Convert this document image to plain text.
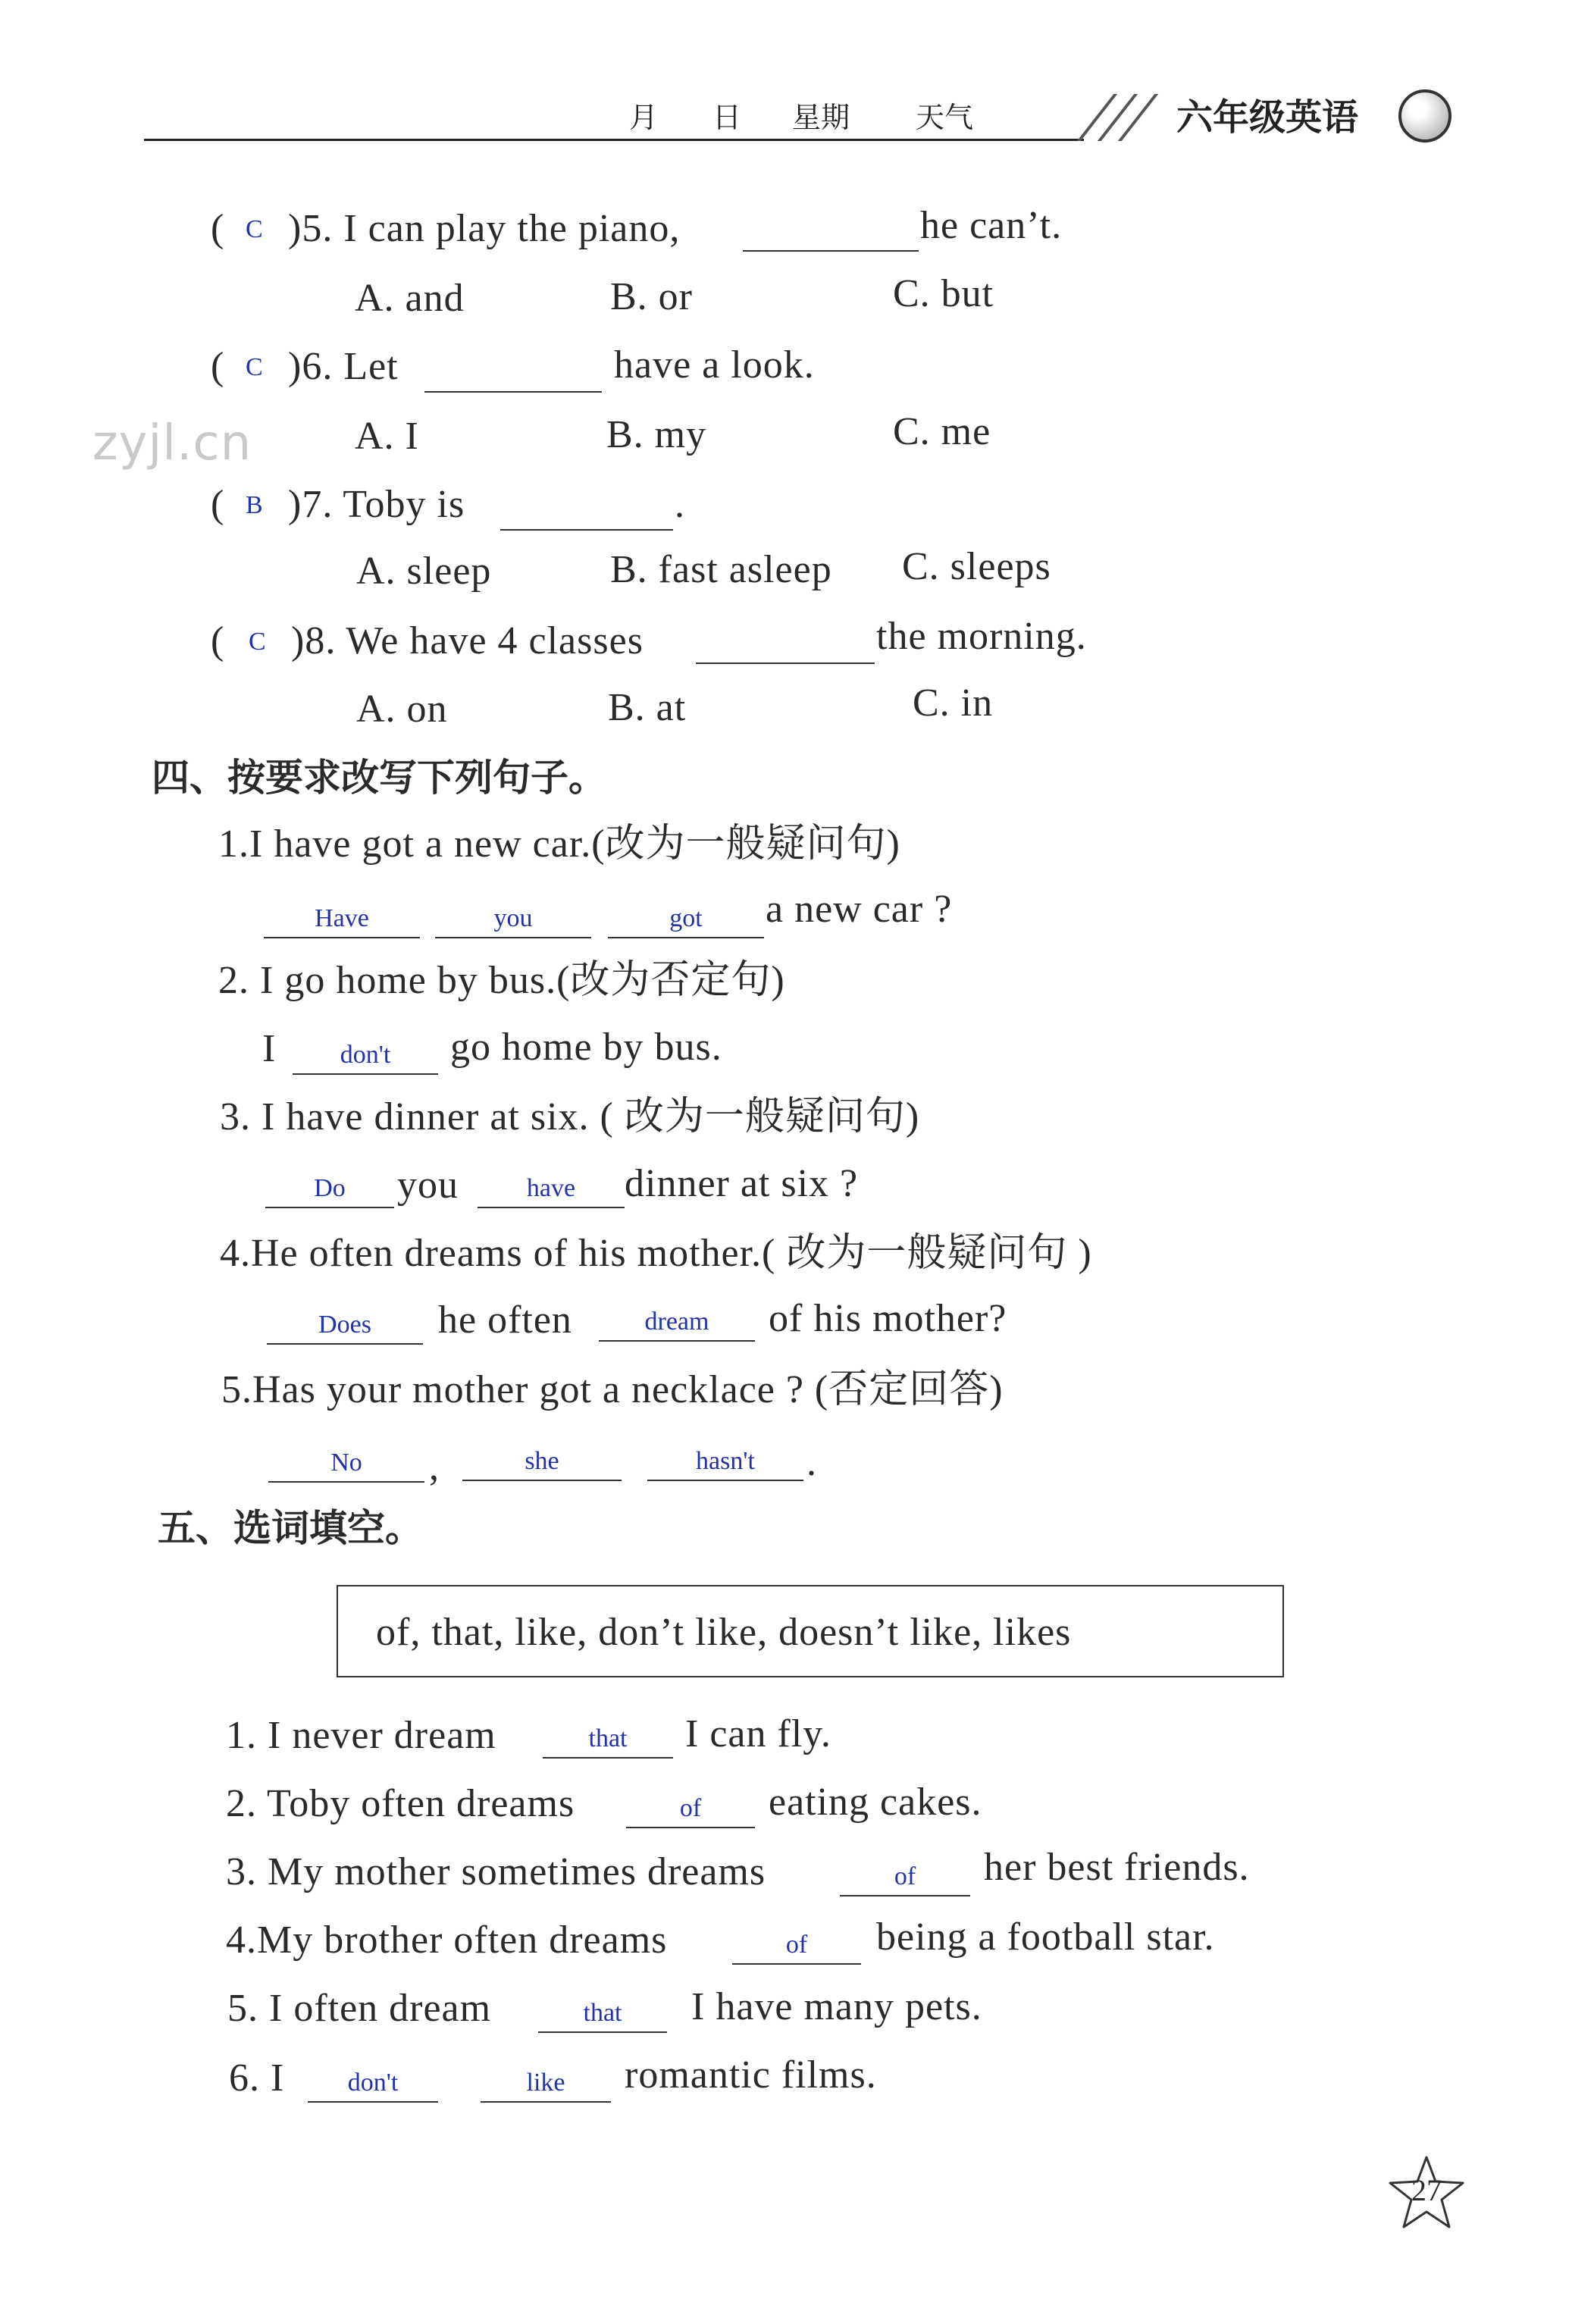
月 日 星期 天气	六年级英语
zyjl.cn
( C )5. I can play the piano,	he can’t.
A. and	B. or	C. but
( C )6. Let	have a look.
A. I	B. my	C. me
( B )7. Toby is	.
A. sleep	B. fast asleep C. sleeps
( C )8. We have 4 classes	the morning.
A. on	B. at	C. in
四、按要求改写下列句子。
1.I have got a new car.(改为一般疑问句)
Have	you	got	a new car ?
2. I go home by bus.(改为否定句)
I	don't	go home by bus.
3. I have dinner at six. ( 改为一般疑问句)
Do	you	have	dinner at six ?
4.He often dreams of his mother.( 改为一般疑问句 )
Does	he often	dream	of his mother?
5.Has your mother got a necklace ? (否定回答)
No	,	she	hasn't	.
五、选词填空。
of, that, like, don’t like, doesn’t like, likes
1. I never dream	that	I can fly.
2. Toby often dreams	of	eating cakes.
3. My mother sometimes dreams	of	her best friends.
4.My brother often dreams	of	being a football star.
5. I often dream	that	I have many pets.
6. I	don't	like	romantic films.
27
